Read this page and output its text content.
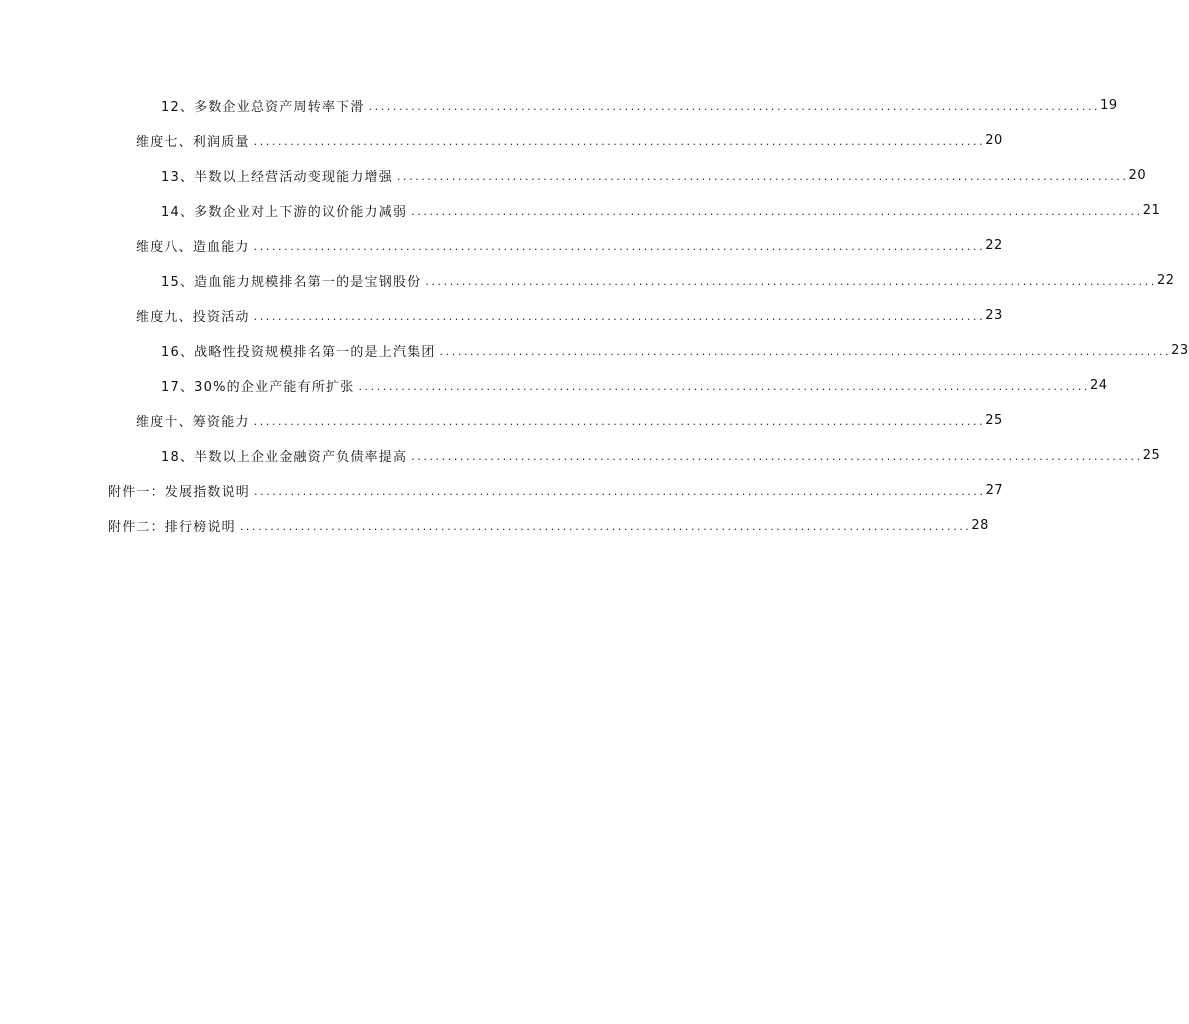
12、多数企业总资产周转率下滑 ........................................................................................................................ 19
维度七、利润质量 ........................................................................................................................ 20
13、半数以上经营活动变现能力增强 ........................................................................................................................ 20
14、多数企业对上下游的议价能力减弱 ........................................................................................................................ 21
维度八、造血能力 ........................................................................................................................ 22
15、造血能力规模排名第一的是宝钢股份 ........................................................................................................................ 22
维度九、投资活动 ........................................................................................................................ 23
16、战略性投资规模排名第一的是上汽集团 ........................................................................................................................ 23
17、30%的企业产能有所扩张 ........................................................................................................................ 24
维度十、筹资能力 ........................................................................................................................ 25
18、半数以上企业金融资产负债率提高 ........................................................................................................................ 25
附件一：发展指数说明 ........................................................................................................................ 27
附件二：排行榜说明 ........................................................................................................................ 28
